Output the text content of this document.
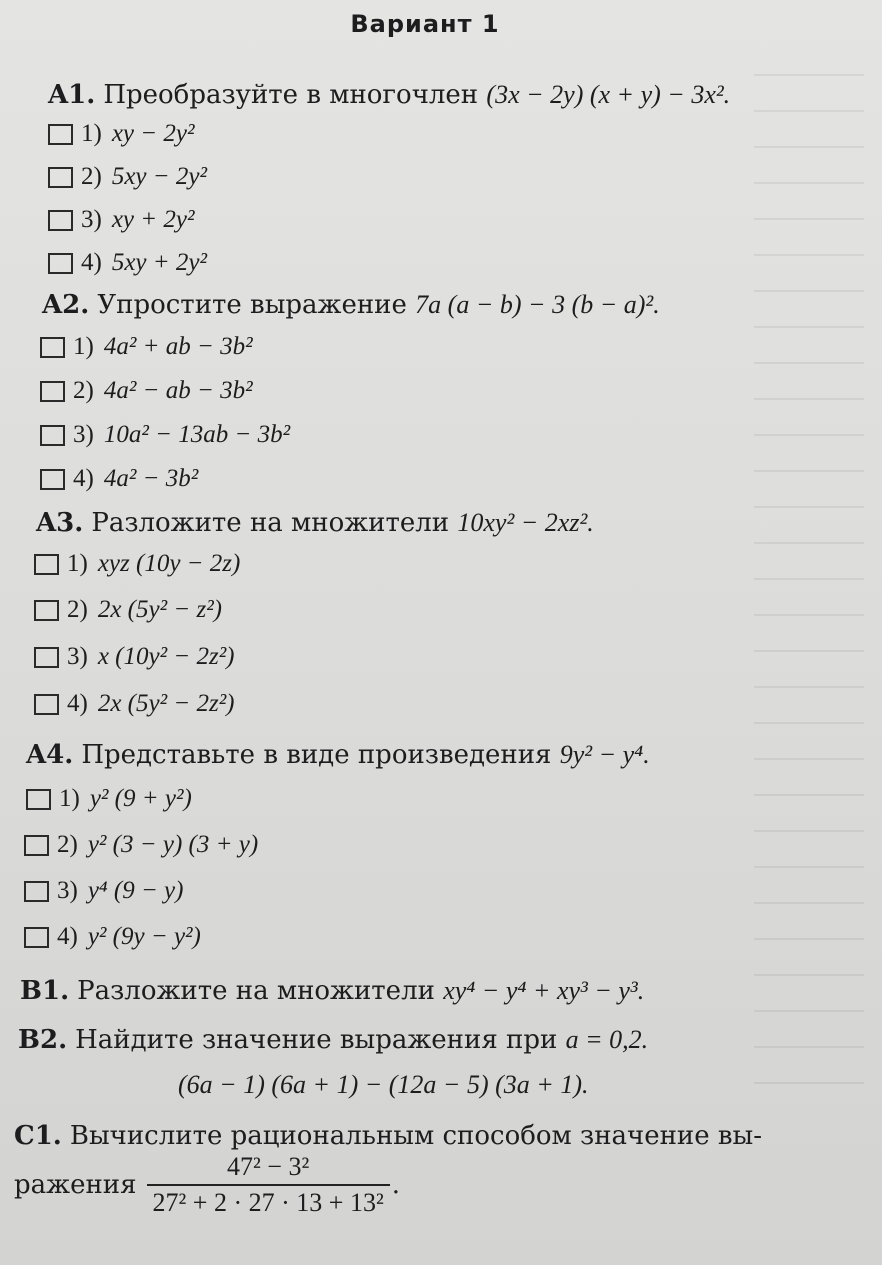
Вариант 1
A1. Преобразуйте в многочлен (3x − 2y) (x + y) − 3x².
1) xy − 2y²
2) 5xy − 2y²
3) xy + 2y²
4) 5xy + 2y²
A2. Упростите выражение 7a (a − b) − 3 (b − a)².
1) 4a² + ab − 3b²
2) 4a² − ab − 3b²
3) 10a² − 13ab − 3b²
4) 4a² − 3b²
A3. Разложите на множители 10xy² − 2xz².
1) xyz (10y − 2z)
2) 2x (5y² − z²)
3) x (10y² − 2z²)
4) 2x (5y² − 2z²)
A4. Представьте в виде произведения 9y² − y⁴.
1) y² (9 + y²)
2) y² (3 − y) (3 + y)
3) y⁴ (9 − y)
4) y² (9y − y²)
B1. Разложите на множители xy⁴ − y⁴ + xy³ − y³.
B2. Найдите значение выражения при a = 0,2.
(6a − 1) (6a + 1) − (12a − 5) (3a + 1).
C1. Вычислите рациональным способом значение вы-
ражения $\frac{\text{47² − 3²}}{\text{27² + 2 · 27 · 13 + 13²}}$ .
